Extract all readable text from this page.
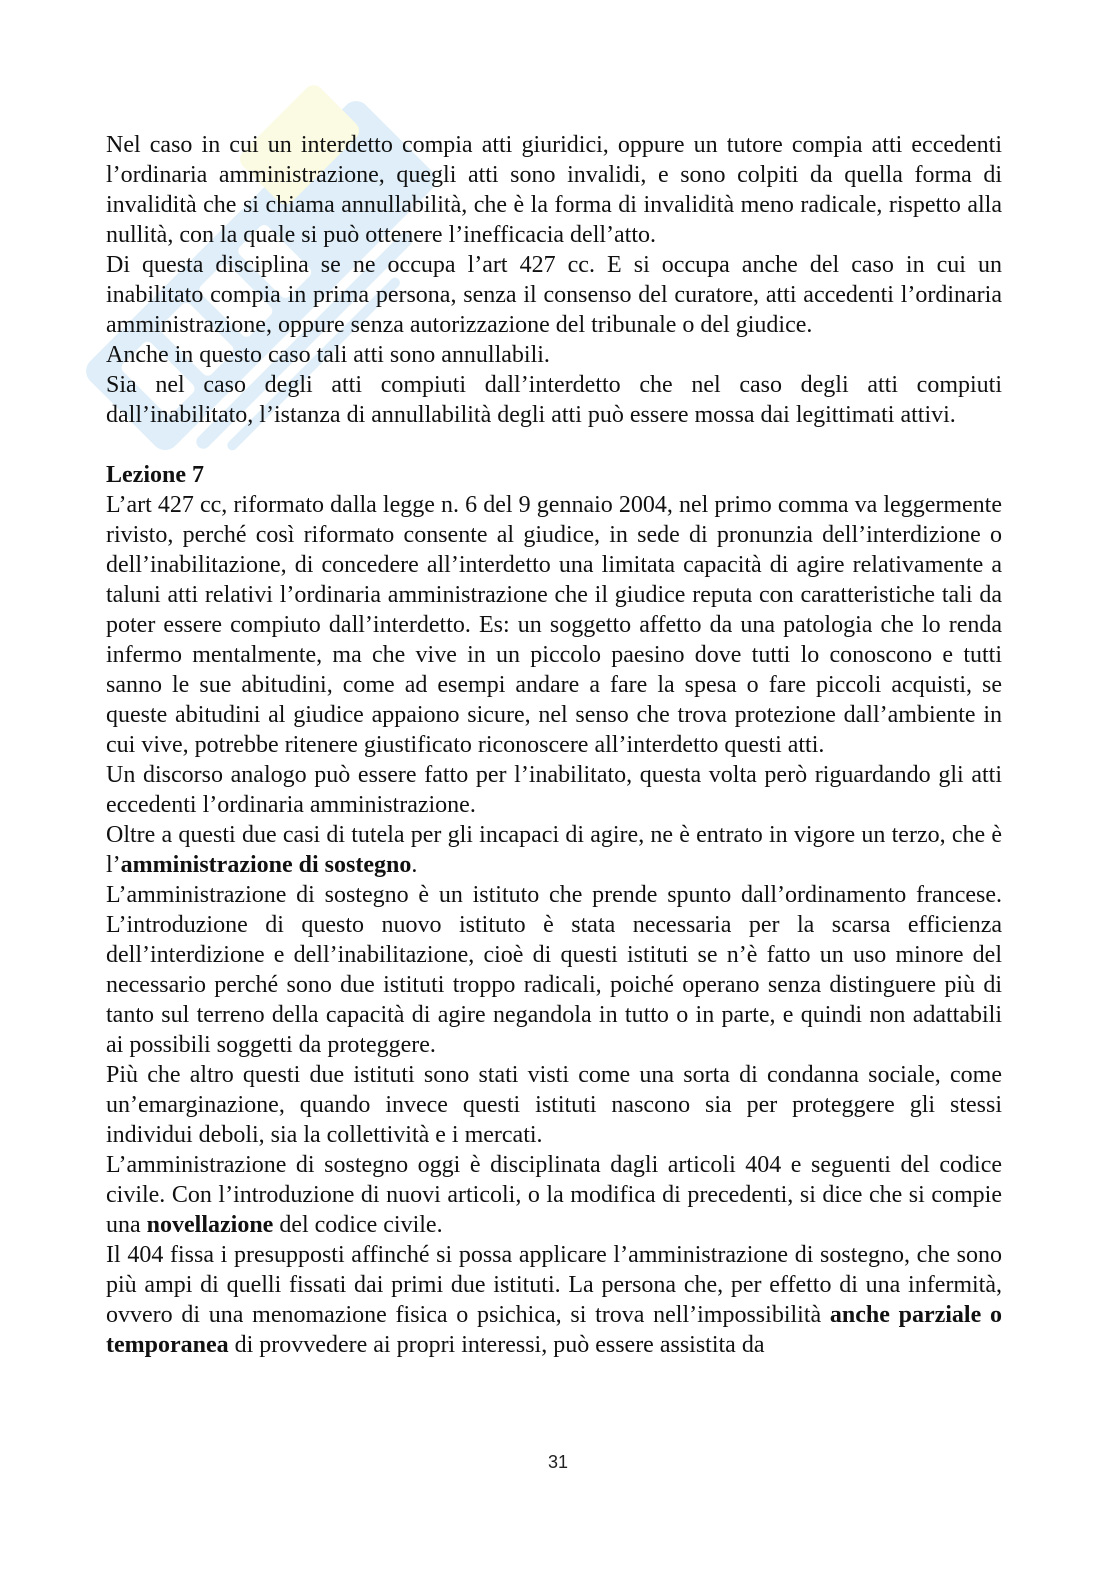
Nel caso in cui un interdetto compia atti giuridici, oppure un tutore compia atti eccedenti l’ordinaria amministrazione, quegli atti sono invalidi, e sono colpiti da quella forma di invalidità che si chiama annullabilità, che è la forma di invalidità meno radicale, rispetto alla nullità, con la quale si può ottenere l’inefficacia dell’atto.

Di questa disciplina se ne occupa l’art 427 cc. E si occupa anche del caso in cui un inabilitato compia in prima persona, senza il consenso del curatore, atti accedenti l’ordinaria amministrazione, oppure senza autorizzazione del tribunale o del giudice.

Anche in questo caso tali atti sono annullabili.

Sia nel caso degli atti compiuti dall’interdetto che nel caso degli atti compiuti dall’inabilitato, l’istanza di annullabilità degli atti può essere mossa dai legittimati attivi.

Lezione 7

L’art 427 cc, riformato dalla legge n. 6 del 9 gennaio 2004, nel primo comma va leggermente rivisto, perché così riformato consente al giudice, in sede di pronunzia dell’interdizione o dell’inabilitazione, di concedere all’interdetto una limitata capacità di agire relativamente a taluni atti relativi l’ordinaria amministrazione che il giudice reputa con caratteristiche tali da poter essere compiuto dall’interdetto. Es: un soggetto affetto da una patologia che lo renda infermo mentalmente, ma che vive in un piccolo paesino dove tutti lo conoscono e tutti sanno le sue abitudini, come ad esempi andare a fare la spesa o fare piccoli acquisti, se queste abitudini al giudice appaiono sicure, nel senso che trova protezione dall’ambiente in cui vive, potrebbe ritenere giustificato riconoscere all’interdetto questi atti.

Un discorso analogo può essere fatto per l’inabilitato, questa volta però riguardando gli atti eccedenti l’ordinaria amministrazione.

Oltre a questi due casi di tutela per gli incapaci di agire, ne è entrato in vigore un terzo, che è l’amministrazione di sostegno.

L’amministrazione di sostegno è un istituto che prende spunto dall’ordinamento francese. L’introduzione di questo nuovo istituto è stata necessaria per la scarsa efficienza dell’interdizione e dell’inabilitazione, cioè di questi istituti se n’è fatto un uso minore del necessario perché sono due istituti troppo radicali, poiché operano senza distinguere più di tanto sul terreno della capacità di agire negandola in tutto o in parte, e quindi non adattabili ai possibili soggetti da proteggere.

Più che altro questi due istituti sono stati visti come una sorta di condanna sociale, come un’emarginazione, quando invece questi istituti nascono sia per proteggere gli stessi individui deboli, sia la collettività e i mercati.

L’amministrazione di sostegno oggi è disciplinata dagli articoli 404 e seguenti del codice civile. Con l’introduzione di nuovi articoli, o la modifica di precedenti, si dice che si compie una novellazione del codice civile.

Il 404 fissa i presupposti affinché si possa applicare l’amministrazione di sostegno, che sono più ampi di quelli fissati dai primi due istituti. La persona che, per effetto di una infermità, ovvero di una menomazione fisica o psichica, si trova nell’impossibilità anche parziale o temporanea di provvedere ai propri interessi, può essere assistita da

31
